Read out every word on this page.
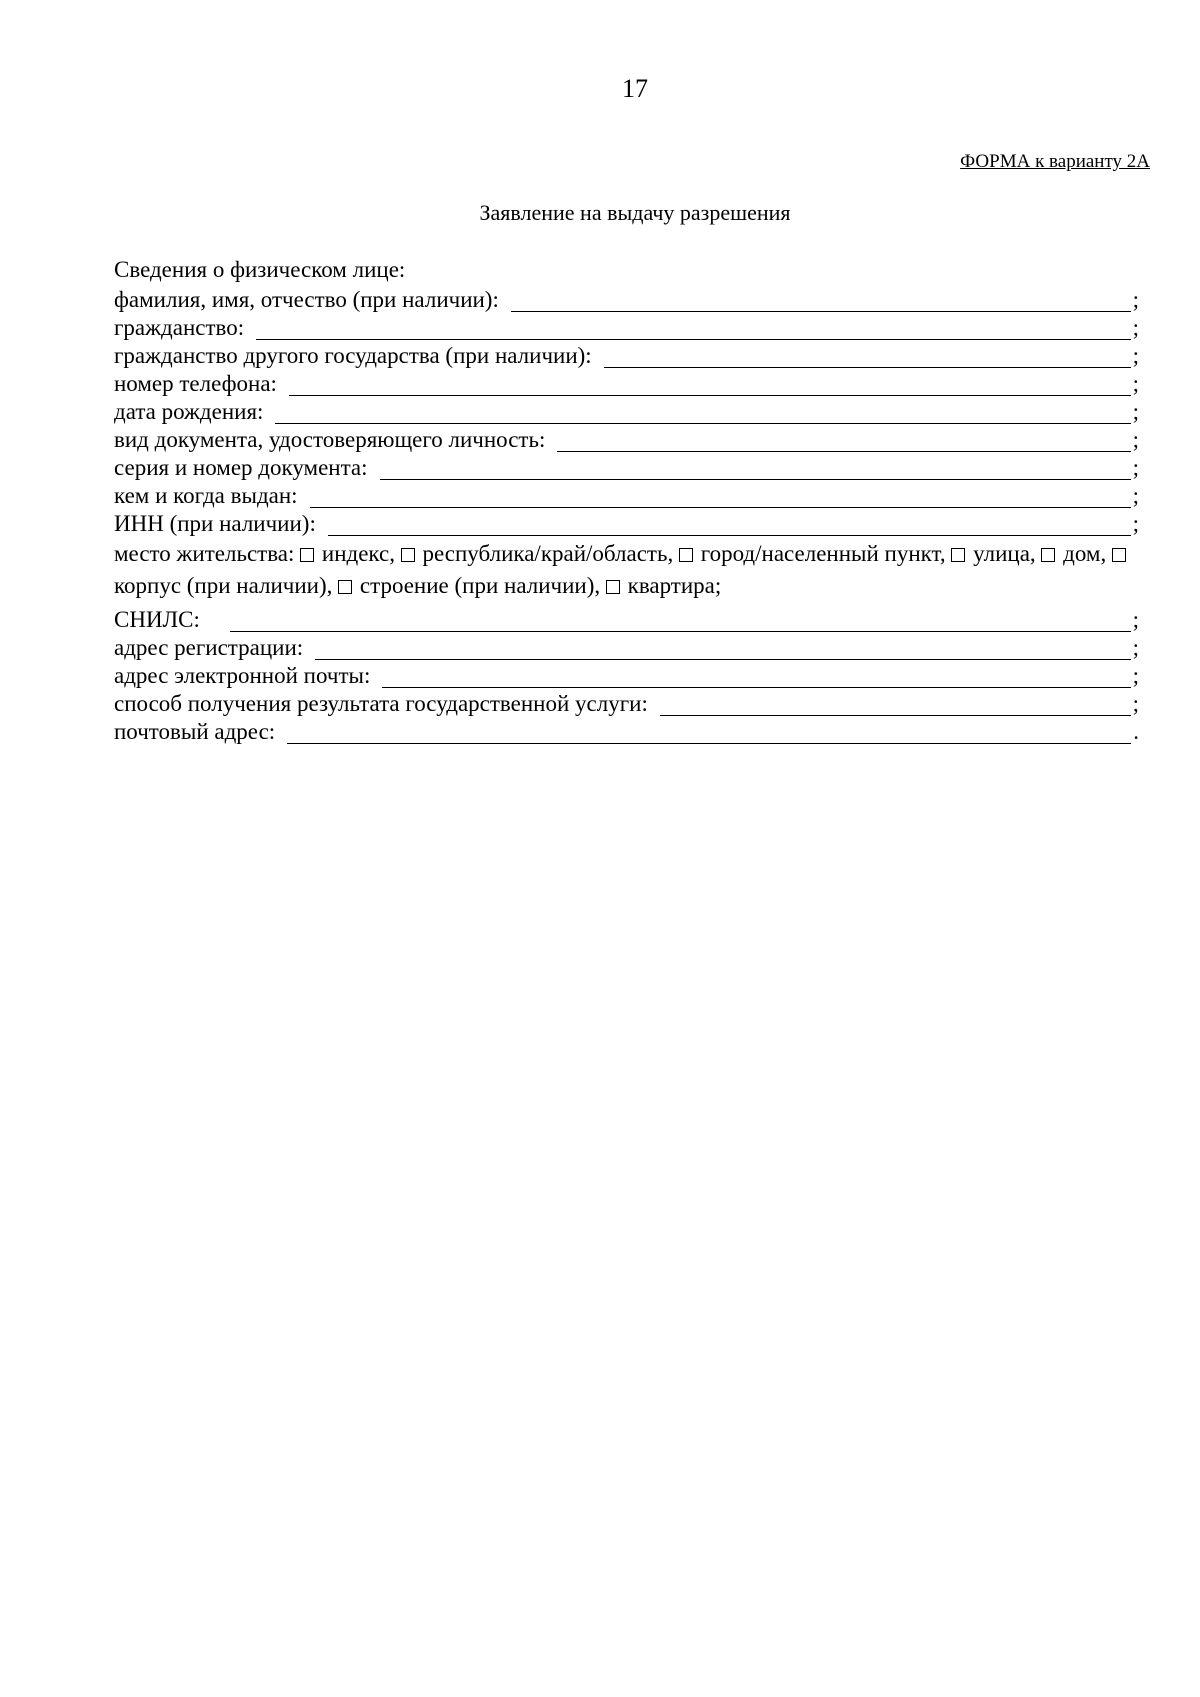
17
ФОРМА к варианту 2А
Заявление на выдачу разрешения
Сведения о физическом лице:
фамилия, имя, отчество (при наличии):	;
гражданство:	;
гражданство другого государства (при наличии):	;
номер телефона:	;
дата рождения:	;
вид документа, удостоверяющего личность:	;
серия и номер документа:	;
кем и когда выдан:	;
ИНН (при наличии):	;
место жительства: индекс, республика/край/область, город/населенный пункт, улица, дом,  корпус (при наличии), строение (при наличии), квартира;
СНИЛС:	;
адрес регистрации:	;
адрес электронной почты:	;
способ получения результата государственной услуги:	;
почтовый адрес:	.
